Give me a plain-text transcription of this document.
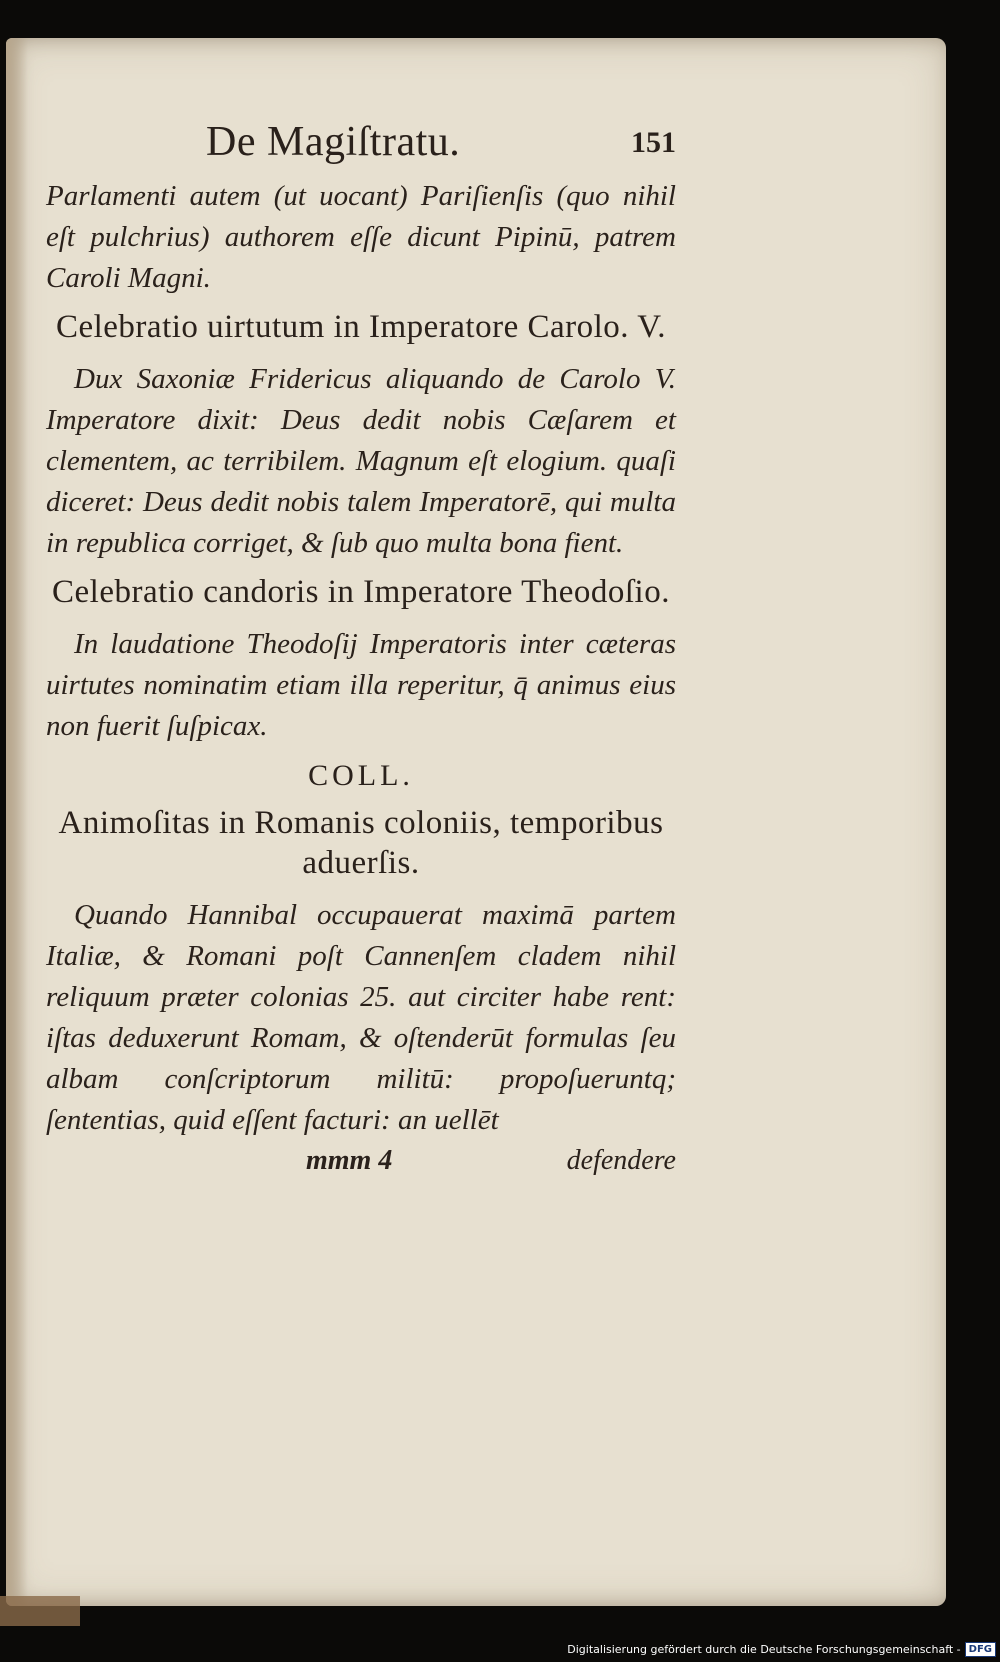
De Magiſtratu.	151

Parlamenti autem (ut uocant) Pariſienſis (quo nihil eſt pulchrius) authorem eſſe dicunt Pipinū, patrem Caroli Magni.

Celebratio uirtutum in Imperatore Carolo. V.

Dux Saxoniæ Fridericus aliquando de Carolo V. Imperatore dixit: Deus dedit nobis Cæſarem et clementem, ac terribilem. Magnum eſt elogium. quaſi diceret: Deus dedit nobis talem Imperatorē, qui multa in republica corriget, & ſub quo multa bona fient.

Celebratio candoris in Imperatore Theodoſio.

In laudatione Theodoſij Imperatoris inter cæteras uirtutes nominatim etiam illa reperitur, q̄ animus eius non fuerit ſuſpicax.

COLL.
Animoſitas in Romanis coloniis, temporibus aduerſis.

Quando Hannibal occupauerat maximā partem Italiæ, & Romani poſt Cannenſem cladem nihil reliquum præter colonias 25. aut circiter habe rent: iſtas deduxerunt Romam, & oſtenderūt formulas ſeu albam conſcriptorum militū: propoſueruntq; ſententias, quid eſſent facturi: an uellēt

mmm 4	defendere
Digitalisierung gefördert durch die Deutsche Forschungsgemeinschaft - DFG
